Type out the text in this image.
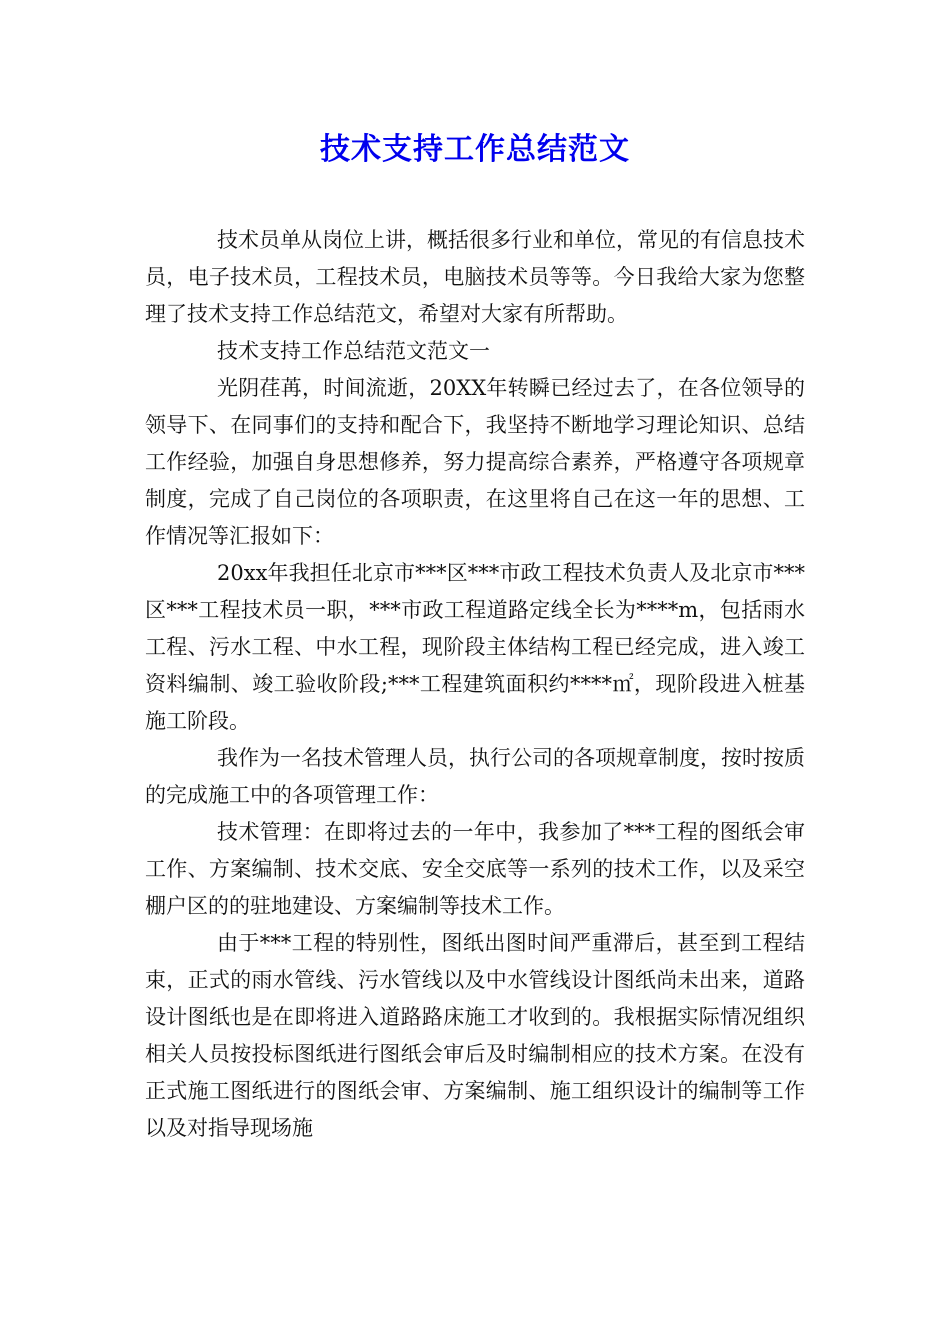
技术支持工作总结范文

技术员单从岗位上讲，概括很多行业和单位，常见的有信息技术员，电子技术员，工程技术员，电脑技术员等等。今日我给大家为您整理了技术支持工作总结范文，希望对大家有所帮助。

技术支持工作总结范文范文一

光阴荏苒，时间流逝，20XX年转瞬已经过去了，在各位领导的领导下、在同事们的支持和配合下，我坚持不断地学习理论知识、总结工作经验，加强自身思想修养，努力提高综合素养，严格遵守各项规章制度，完成了自己岗位的各项职责，在这里将自己在这一年的思想、工作情况等汇报如下：

20xx年我担任北京市***区***市政工程技术负责人及北京市***区***工程技术员一职，***市政工程道路定线全长为****m，包括雨水工程、污水工程、中水工程，现阶段主体结构工程已经完成，进入竣工资料编制、竣工验收阶段;***工程建筑面积约****㎡，现阶段进入桩基施工阶段。

我作为一名技术管理人员，执行公司的各项规章制度，按时按质的完成施工中的各项管理工作：

技术管理：在即将过去的一年中，我参加了***工程的图纸会审工作、方案编制、技术交底、安全交底等一系列的技术工作，以及采空棚户区的的驻地建设、方案编制等技术工作。

由于***工程的特别性，图纸出图时间严重滞后，甚至到工程结束，正式的雨水管线、污水管线以及中水管线设计图纸尚未出来，道路设计图纸也是在即将进入道路路床施工才收到的。我根据实际情况组织相关人员按投标图纸进行图纸会审后及时编制相应的技术方案。在没有正式施工图纸进行的图纸会审、方案编制、施工组织设计的编制等工作以及对指导现场施
